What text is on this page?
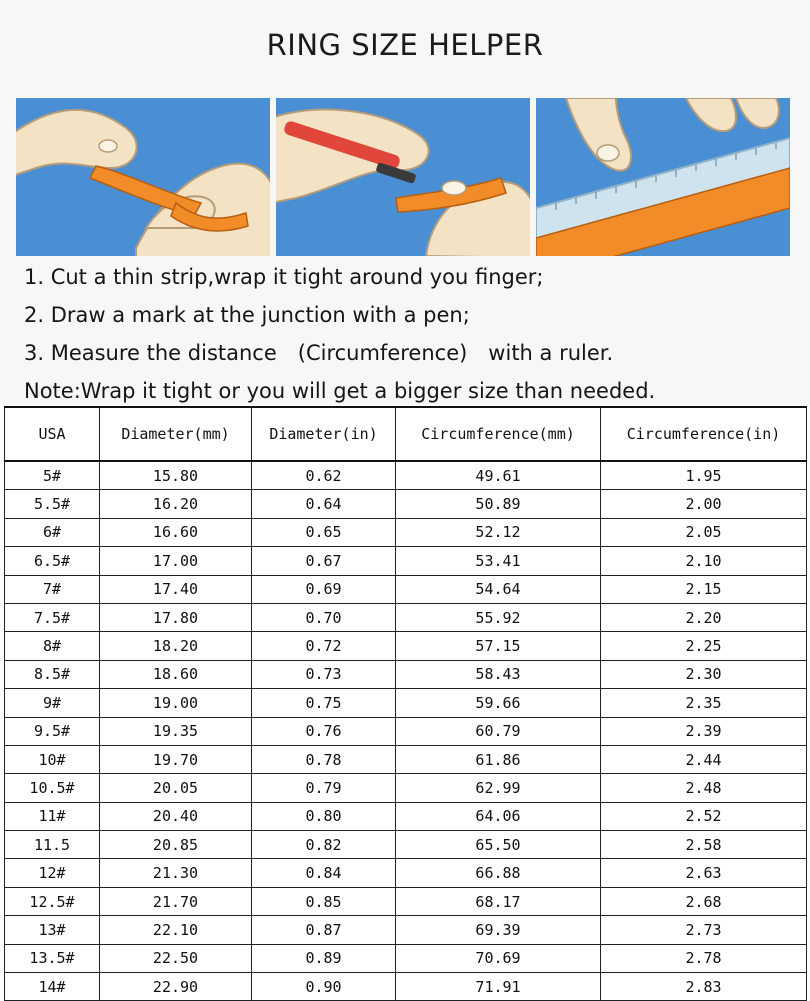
RING SIZE HELPER
1. Cut a thin strip,wrap it tight around you finger;
2. Draw a mark at the junction with a pen;
3. Measure the distance　(Circumference)　with a ruler.
Note:Wrap it tight or you will get a bigger size than needed.
USA	Diameter(mm)	Diameter(in)	Circumference(mm)	Circumference(in)
5#	15.80	0.62	49.61	1.95
5.5#	16.20	0.64	50.89	2.00
6#	16.60	0.65	52.12	2.05
6.5#	17.00	0.67	53.41	2.10
7#	17.40	0.69	54.64	2.15
7.5#	17.80	0.70	55.92	2.20
8#	18.20	0.72	57.15	2.25
8.5#	18.60	0.73	58.43	2.30
9#	19.00	0.75	59.66	2.35
9.5#	19.35	0.76	60.79	2.39
10#	19.70	0.78	61.86	2.44
10.5#	20.05	0.79	62.99	2.48
11#	20.40	0.80	64.06	2.52
11.5	20.85	0.82	65.50	2.58
12#	21.30	0.84	66.88	2.63
12.5#	21.70	0.85	68.17	2.68
13#	22.10	0.87	69.39	2.73
13.5#	22.50	0.89	70.69	2.78
14#	22.90	0.90	71.91	2.83
